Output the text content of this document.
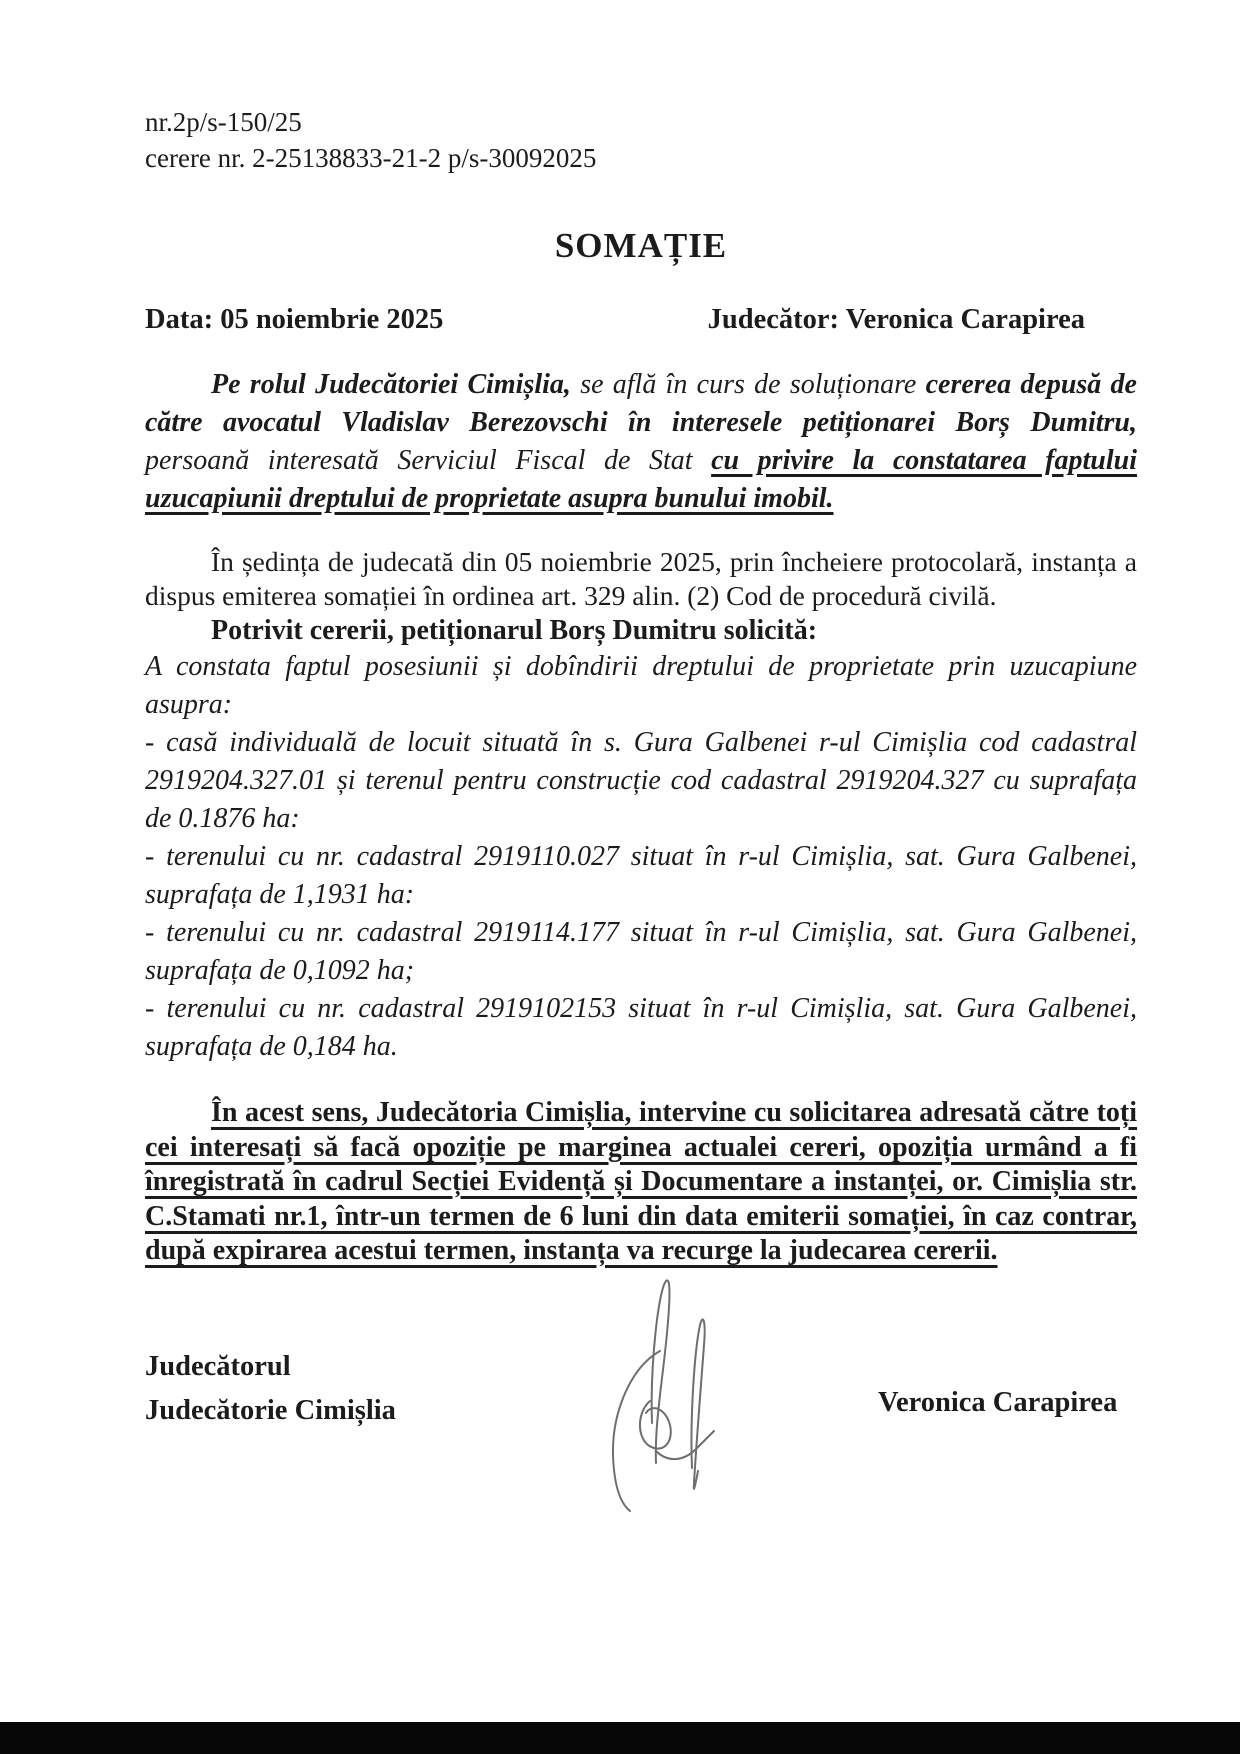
nr.2p/s-150/25
cerere nr. 2-25138833-21-2 p/s-30092025
SOMAȚIE
Data: 05 noiembrie 2025	Judecător: Veronica Carapirea

Pe rolul Judecătoriei Cimișlia, se află în curs de soluționare cererea depusă de către avocatul Vladislav Berezovschi în interesele petiționarei Borș Dumitru, persoană interesată Serviciul Fiscal de Stat cu privire la constatarea faptului uzucapiunii dreptului de proprietate asupra bunului imobil.

În ședința de judecată din 05 noiembrie 2025, prin încheiere protocolară, instanța a dispus emiterea somației în ordinea art. 329 alin. (2) Cod de procedură civilă.

Potrivit cererii, petiționarul Borș Dumitru solicită:

A constata faptul posesiunii și dobîndirii dreptului de proprietate prin uzucapiune asupra:

- casă individuală de locuit situată în s. Gura Galbenei r-ul Cimișlia cod cadastral 2919204.327.01 și terenul pentru construcție cod cadastral 2919204.327 cu suprafața de 0.1876 ha:

- terenului cu nr. cadastral 2919110.027 situat în r-ul Cimișlia, sat. Gura Galbenei, suprafața de 1,1931 ha:

- terenului cu nr. cadastral 2919114.177 situat în r-ul Cimișlia, sat. Gura Galbenei, suprafața de 0,1092 ha;

- terenului cu nr. cadastral 2919102153 situat în r-ul Cimișlia, sat. Gura Galbenei, suprafața de 0,184 ha.

În acest sens, Judecătoria Cimișlia, intervine cu solicitarea adresată către toți cei interesați să facă opoziție pe marginea actualei cereri, opoziția urmând a fi înregistrată în cadrul Secției Evidență și Documentare a instanței, or. Cimișlia str. C.Stamati nr.1, într-un termen de 6 luni din data emiterii somației, în caz contrar, după expirarea acestui termen, instanța va recurge la judecarea cererii.

Judecătorul
Judecătorie Cimișlia	Veronica Carapirea
